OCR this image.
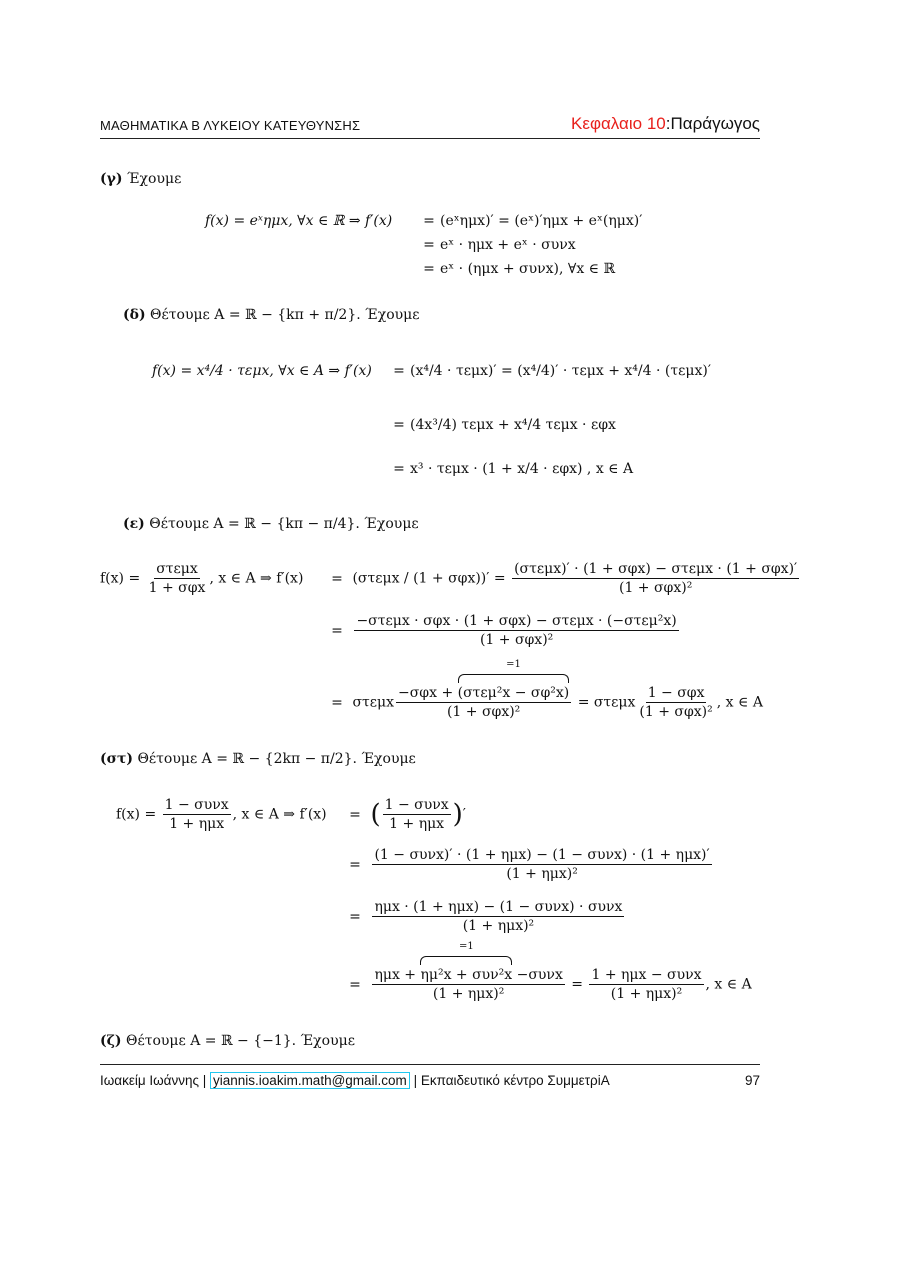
ΜΑΘΗΜΑΤΙΚΑ Β ΛΥΚΕΙΟΥ ΚΑΤΕΥΘΥΝΣΗΣ	Κεφαλαιο 10:Παράγωγος
(γ) Έχουμε
f(x) = eˣημx, ∀x ∈ ℝ ⇒ f′(x)	= (eˣημx)′ = (eˣ)′ημx + eˣ(ημx)′
= eˣ · ημx + eˣ · συνx
= eˣ · (ημx + συνx), ∀x ∈ ℝ
(δ) Θέτουμε A = ℝ − {kπ + π/2}. Έχουμε
f(x) = x⁴/4 · τεμx, ∀x ∈ A ⇒ f′(x)	= (x⁴/4 · τεμx)′ = (x⁴/4)′ · τεμx + x⁴/4 · (τεμx)′
= (4x³/4) τεμx + x⁴/4 τεμx · εφx
= x³ · τεμx · (1 + x/4 · εφx) , x ∈ A
(ε) Θέτουμε A = ℝ − {kπ − π/4}. Έχουμε
$f(x) = \frac{\text{στεμx}}{\text{1 + σφx}}$ , x ∈ A ⇒ f′(x)	= $(\sigma\tau\varepsilon\mu x / (1 + \sigma\varphi x))' = \frac{\text{(στεμx)′ · (1 + σφx) − στεμx · (1 + σφx)′}}{\text{(1 + σφx)²}}$
= $\frac{\text{−στεμx · σφx · (1 + σφx) − στεμx · (−στεμ²x)}}{\text{(1 + σφx)²}}$
= στεμx −σφx +
=1
(στεμ²x − σφ²x)
(1 + σφx)² = στεμx $\frac{\text{1 − σφx}}{\text{(1 + σφx)²}}$ , x ∈ A
(στ) Θέτουμε A = ℝ − {2kπ − π/2}. Έχουμε
$f(x) = \frac{\text{1 − συνx}}{\text{1 + ημx}}$ , x ∈ A ⇒ f′(x)	= ( $\frac{\text{1 − συνx}}{\text{1 + ημx}}$ )′
= $\frac{\text{(1 − συνx)′ · (1 + ημx) − (1 − συνx) · (1 + ημx)′}}{\text{(1 + ημx)²}}$
= $\frac{\text{ημx · (1 + ημx) − (1 − συνx) · συνx}}{\text{(1 + ημx)²}}$
= ημx +
=1
ημ²x + συν²x −συνx
$(1 + \eta\mu x)^2 = \frac{\text{1 + ημx − συνx}}{\text{(1 + ημx)²}}$ , x ∈ A
(ζ) Θέτουμε A = ℝ − {−1}. Έχουμε
Ιωακείμ Ιωάννης | yiannis.ioakim.math@gmail.com | Εκπαιδευτικό κέντρο ΣυμμετρiA	97
